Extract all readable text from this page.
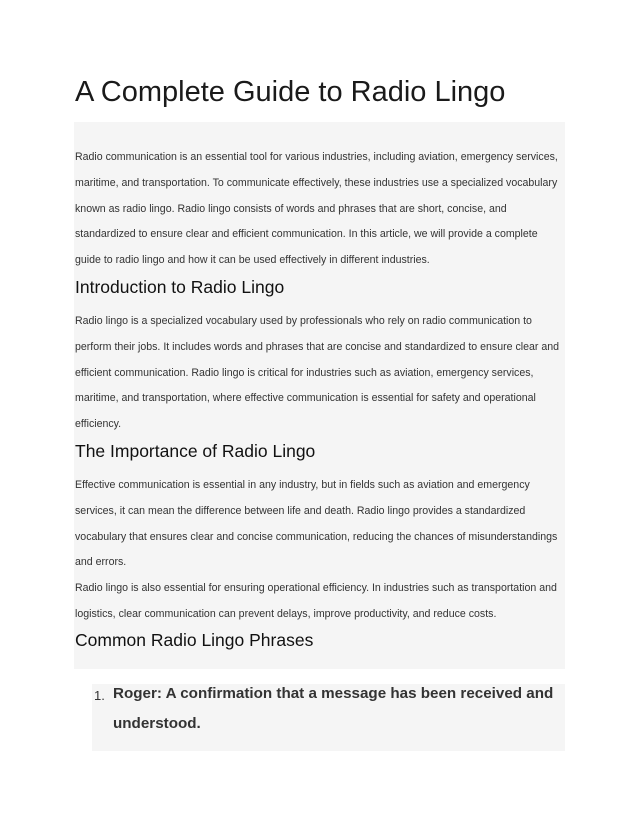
A Complete Guide to Radio Lingo

Radio communication is an essential tool for various industries, including aviation, emergency services, maritime, and transportation. To communicate effectively, these industries use a specialized vocabulary known as radio lingo. Radio lingo consists of words and phrases that are short, concise, and standardized to ensure clear and efficient communication. In this article, we will provide a complete guide to radio lingo and how it can be used effectively in different industries.

Introduction to Radio Lingo

Radio lingo is a specialized vocabulary used by professionals who rely on radio communication to perform their jobs. It includes words and phrases that are concise and standardized to ensure clear and efficient communication. Radio lingo is critical for industries such as aviation, emergency services, maritime, and transportation, where effective communication is essential for safety and operational efficiency.

The Importance of Radio Lingo

Effective communication is essential in any industry, but in fields such as aviation and emergency services, it can mean the difference between life and death. Radio lingo provides a standardized vocabulary that ensures clear and concise communication, reducing the chances of misunderstandings and errors.

Radio lingo is also essential for ensuring operational efficiency. In industries such as transportation and logistics, clear communication can prevent delays, improve productivity, and reduce costs.

Common Radio Lingo Phrases
1. Roger: A confirmation that a message has been received and understood.
